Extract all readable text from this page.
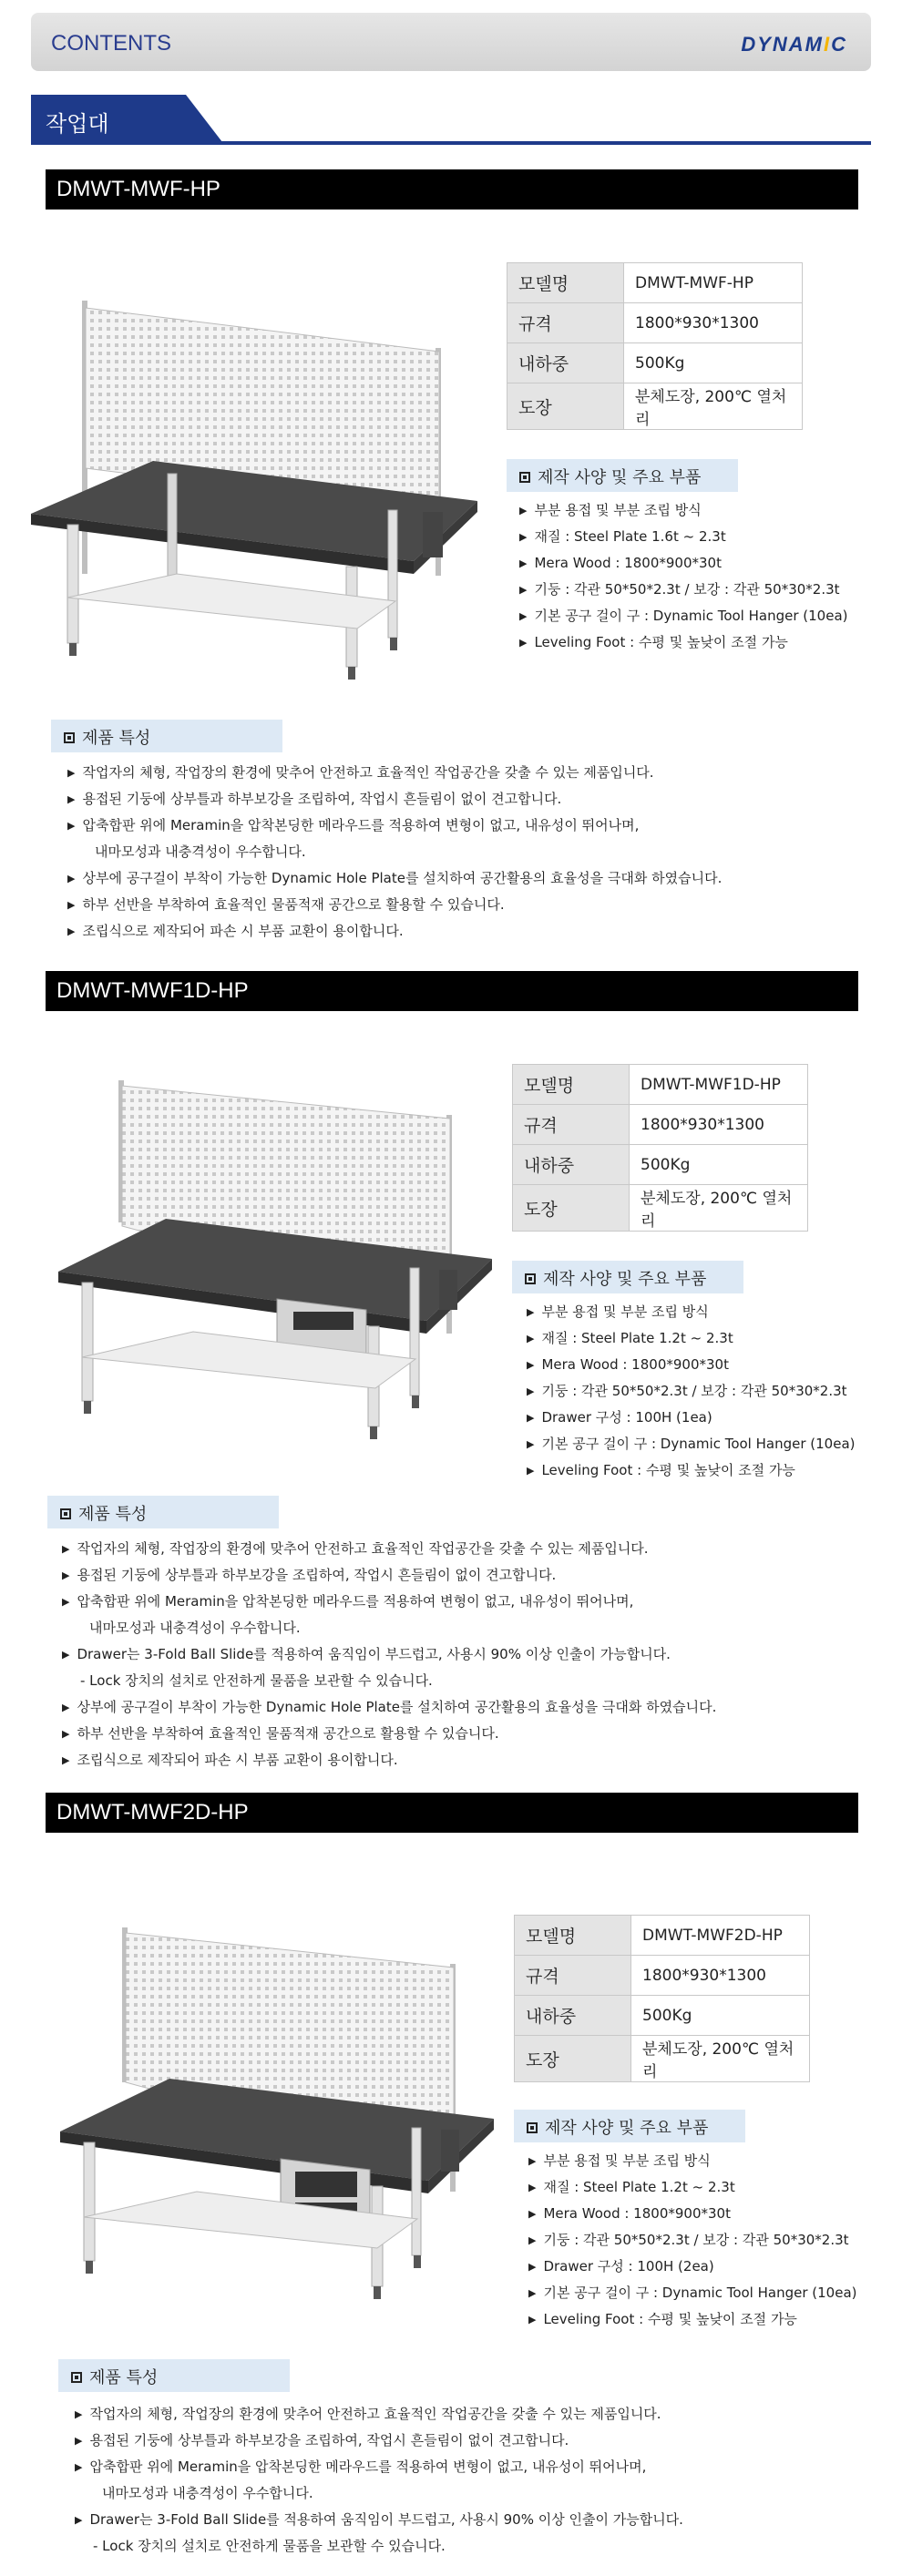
CONTENTS	DYNAMIC
작업대
DMWT-MWF-HP
모델명	DMWT-MWF-HP
규격	1800*930*1300
내하중	500Kg
도장	분체도장, 200℃ 열처리
제작 사양 및 주요 부품
▶ 부분 용접 및 부분 조립 방식
▶ 재질 : Steel Plate 1.6t ~ 2.3t
▶ Mera Wood : 1800*900*30t
▶ 기둥 : 각관 50*50*2.3t / 보강 : 각관 50*30*2.3t
▶ 기본 공구 걸이 구 : Dynamic Tool Hanger (10ea)
▶ Leveling Foot : 수평 및 높낮이 조절 가능
제품 특성
▶ 작업자의 체형, 작업장의 환경에 맞추어 안전하고 효율적인 작업공간을 갖출 수 있는 제품입니다.
▶ 용접된 기둥에 상부틀과 하부보강을 조립하여, 작업시 흔들림이 없이 견고합니다.
▶ 압축합판 위에 Meramin을 압착본딩한 메라우드를 적용하여 변형이 없고, 내유성이 뛰어나며,
내마모성과 내충격성이 우수합니다.
▶ 상부에 공구걸이 부착이 가능한 Dynamic Hole Plate를 설치하여 공간활용의 효율성을 극대화 하였습니다.
▶ 하부 선반을 부착하여 효율적인 물품적재 공간으로 활용할 수 있습니다.
▶ 조립식으로 제작되어 파손 시 부품 교환이 용이합니다.
DMWT-MWF1D-HP
모델명	DMWT-MWF1D-HP
규격	1800*930*1300
내하중	500Kg
도장	분체도장, 200℃ 열처리
제작 사양 및 주요 부품
▶ 부분 용접 및 부분 조립 방식
▶ 재질 : Steel Plate 1.2t ~ 2.3t
▶ Mera Wood : 1800*900*30t
▶ 기둥 : 각관 50*50*2.3t / 보강 : 각관 50*30*2.3t
▶ Drawer 구성 : 100H (1ea)
▶ 기본 공구 걸이 구 : Dynamic Tool Hanger (10ea)
▶ Leveling Foot : 수평 및 높낮이 조절 가능
제품 특성
▶ 작업자의 체형, 작업장의 환경에 맞추어 안전하고 효율적인 작업공간을 갖출 수 있는 제품입니다.
▶ 용접된 기둥에 상부틀과 하부보강을 조립하여, 작업시 흔들림이 없이 견고합니다.
▶ 압축합판 위에 Meramin을 압착본딩한 메라우드를 적용하여 변형이 없고, 내유성이 뛰어나며,
내마모성과 내충격성이 우수합니다.
▶ Drawer는 3-Fold Ball Slide를 적용하여 움직임이 부드럽고, 사용시 90% 이상 인출이 가능합니다.
- Lock 장치의 설치로 안전하게 물품을 보관할 수 있습니다.
▶ 상부에 공구걸이 부착이 가능한 Dynamic Hole Plate를 설치하여 공간활용의 효율성을 극대화 하였습니다.
▶ 하부 선반을 부착하여 효율적인 물품적재 공간으로 활용할 수 있습니다.
▶ 조립식으로 제작되어 파손 시 부품 교환이 용이합니다.
DMWT-MWF2D-HP
모델명	DMWT-MWF2D-HP
규격	1800*930*1300
내하중	500Kg
도장	분체도장, 200℃ 열처리
제작 사양 및 주요 부품
▶ 부분 용접 및 부분 조립 방식
▶ 재질 : Steel Plate 1.2t ~ 2.3t
▶ Mera Wood : 1800*900*30t
▶ 기둥 : 각관 50*50*2.3t / 보강 : 각관 50*30*2.3t
▶ Drawer 구성 : 100H (2ea)
▶ 기본 공구 걸이 구 : Dynamic Tool Hanger (10ea)
▶ Leveling Foot : 수평 및 높낮이 조절 가능
제품 특성
▶ 작업자의 체형, 작업장의 환경에 맞추어 안전하고 효율적인 작업공간을 갖출 수 있는 제품입니다.
▶ 용접된 기둥에 상부틀과 하부보강을 조립하여, 작업시 흔들림이 없이 견고합니다.
▶ 압축합판 위에 Meramin을 압착본딩한 메라우드를 적용하여 변형이 없고, 내유성이 뛰어나며,
내마모성과 내충격성이 우수합니다.
▶ Drawer는 3-Fold Ball Slide를 적용하여 움직임이 부드럽고, 사용시 90% 이상 인출이 가능합니다.
- Lock 장치의 설치로 안전하게 물품을 보관할 수 있습니다.
